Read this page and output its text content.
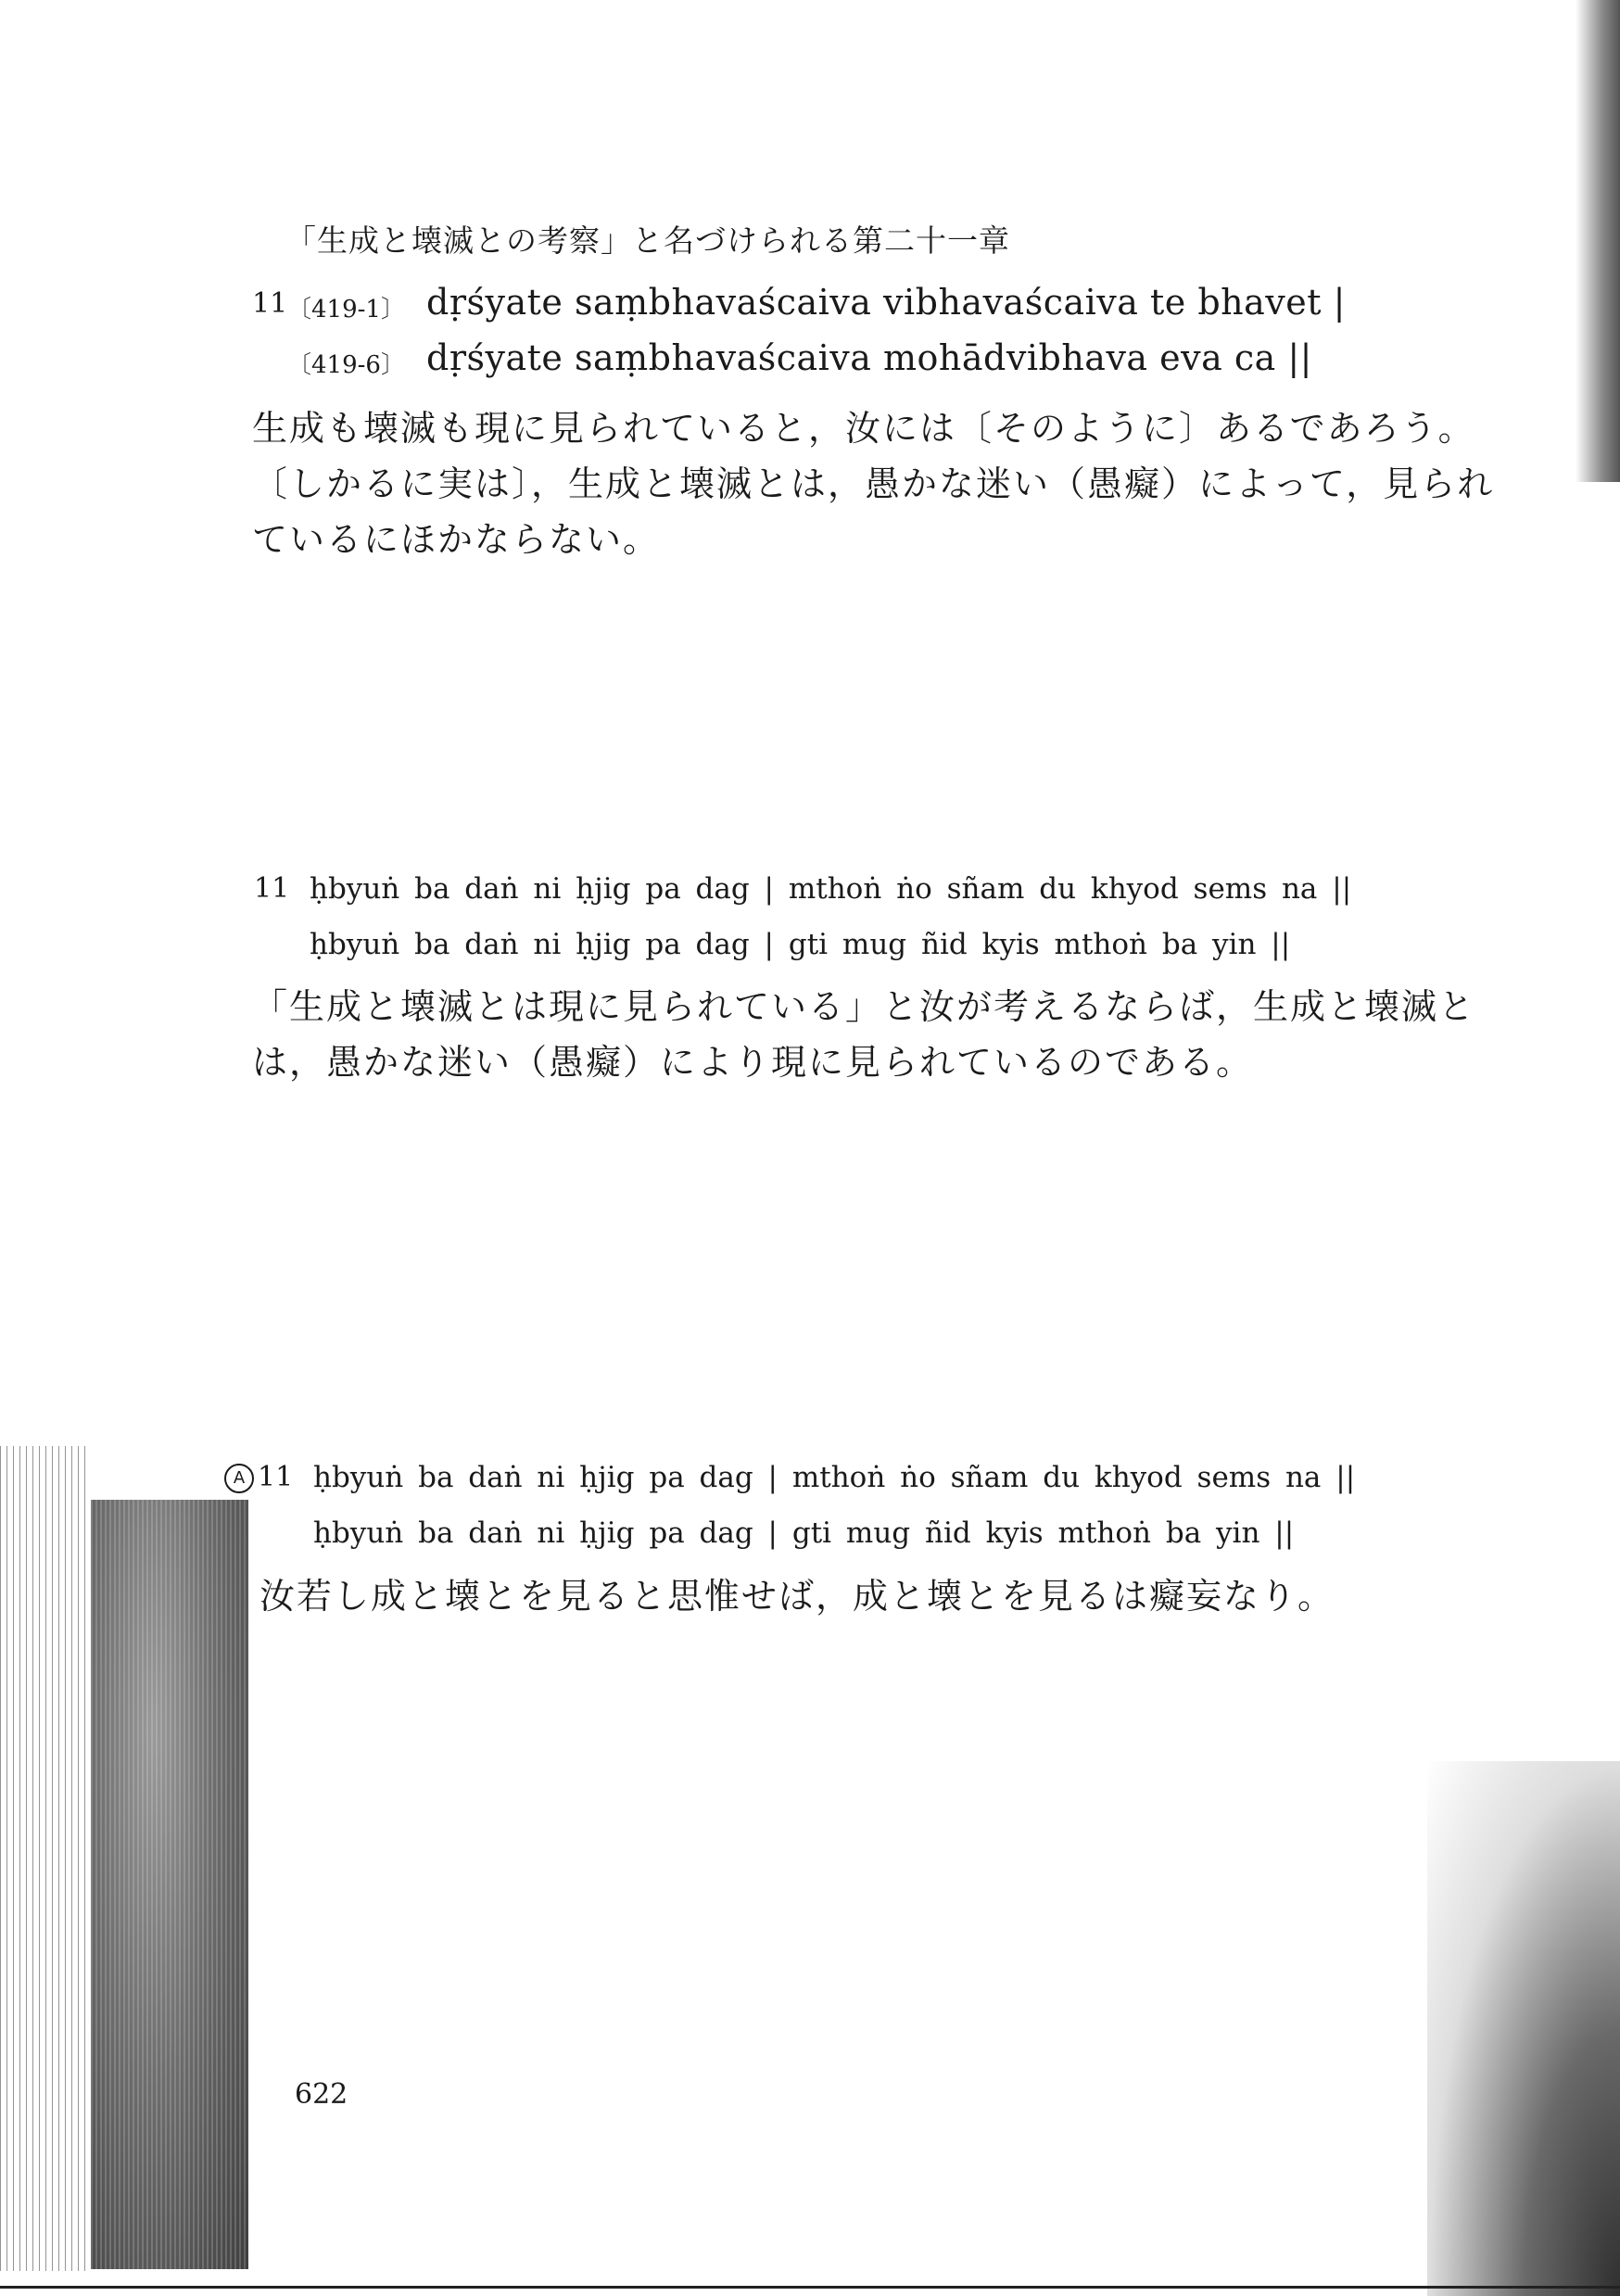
「生成と壊滅との考察」と名づけられる第二十一章
11 〔419-1〕 dṛśyate saṃbhavaścaiva vibhavaścaiva te bhavet |
〔419-6〕 dṛśyate saṃbhavaścaiva mohādvibhava eva ca ||
生成も壊滅も現に見られていると，汝には〔そのように〕あるであろう。〔しかるに実は〕，生成と壊滅とは，愚かな迷い（愚癡）によって，見られているにほかならない。
11 ḥbyuṅ ba daṅ ni ḥjig pa dag | mthoṅ ṅo sñam du khyod sems na ||
ḥbyuṅ ba daṅ ni ḥjig pa dag | gti mug ñid kyis mthoṅ ba yin ||
「生成と壊滅とは現に見られている」と汝が考えるならば，生成と壊滅とは，愚かな迷い（愚癡）により現に見られているのである。
A 11 ḥbyuṅ ba daṅ ni ḥjig pa dag | mthoṅ ṅo sñam du khyod sems na ||
ḥbyuṅ ba daṅ ni ḥjig pa dag | gti mug ñid kyis mthoṅ ba yin ||
汝若し成と壊とを見ると思惟せば，成と壊とを見るは癡妄なり。
622
